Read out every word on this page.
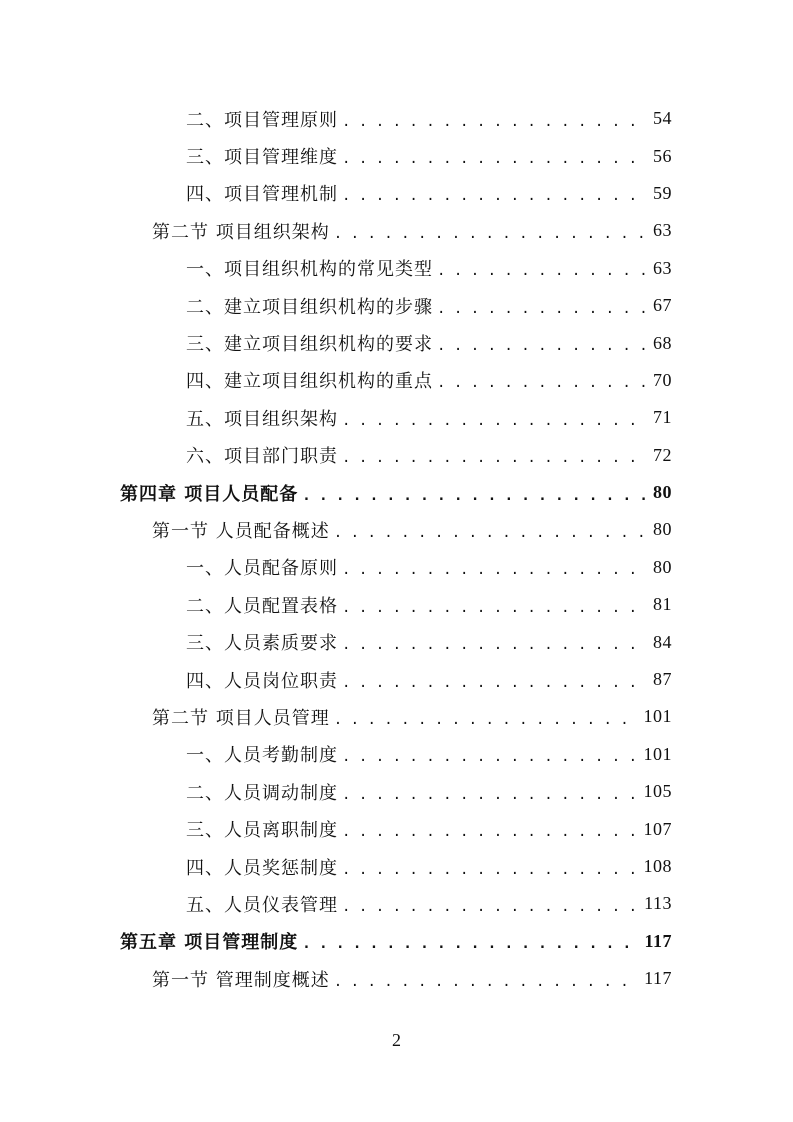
二、项目管理原则 . . .	54
三、项目管理维度 . . .	56
四、项目管理机制 . . .	59
第二节 项目组织架构 . . .	63
一、项目组织机构的常见类型 . . .	63
二、建立项目组织机构的步骤 . . .	67
三、建立项目组织机构的要求 . . .	68
四、建立项目组织机构的重点 . . .	70
五、项目组织架构 . . .	71
六、项目部门职责 . . .	72
第四章 项目人员配备 . . .	80
第一节 人员配备概述 . . .	80
一、人员配备原则 . . .	80
二、人员配置表格 . . .	81
三、人员素质要求 . . .	84
四、人员岗位职责 . . .	87
第二节 项目人员管理 . . .	101
一、人员考勤制度 . . .	101
二、人员调动制度 . . .	105
三、人员离职制度 . . .	107
四、人员奖惩制度 . . .	108
五、人员仪表管理 . . .	113
第五章 项目管理制度 . . .	117
第一节 管理制度概述 . . .	117
2
